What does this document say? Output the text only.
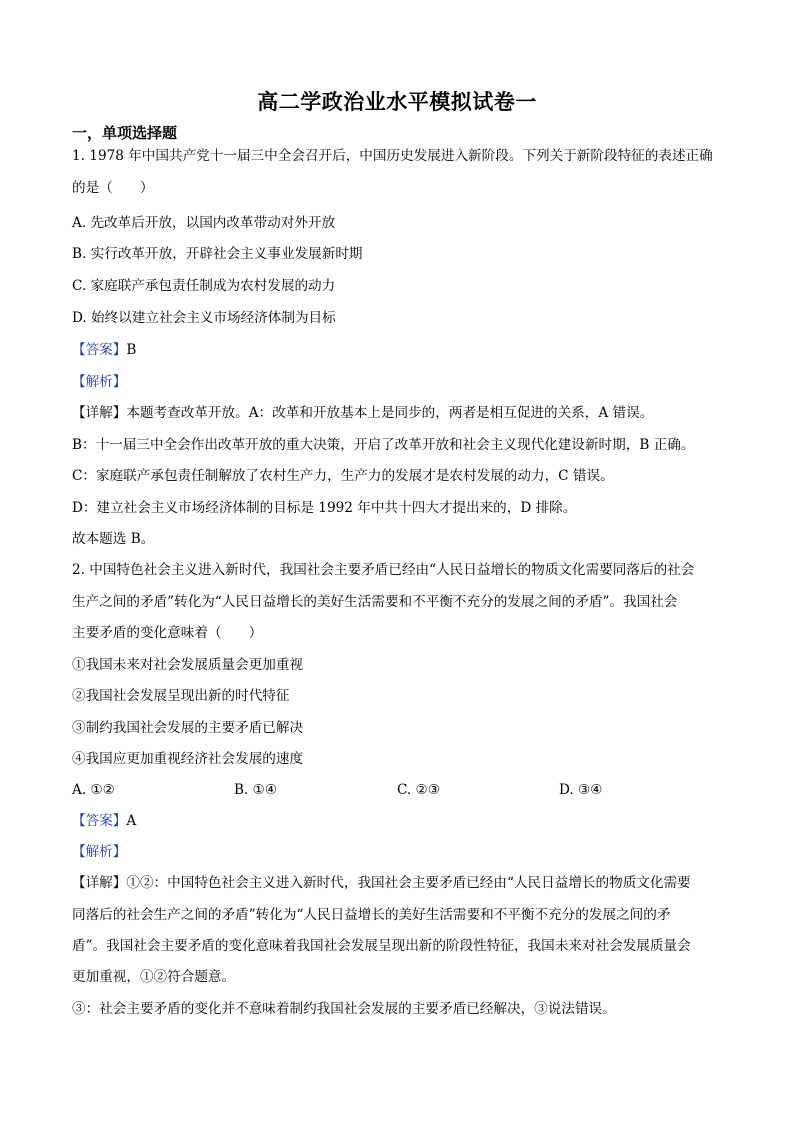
高二学政治业水平模拟试卷一
一，单项选择题
1. 1978 年中国共产党十一届三中全会召开后，中国历史发展进入新阶段。下列关于新阶段特征的表述正确
的是（　　）
A. 先改革后开放，以国内改革带动对外开放
B. 实行改革开放，开辟社会主义事业发展新时期
C. 家庭联产承包责任制成为农村发展的动力
D. 始终以建立社会主义市场经济体制为目标
【答案】B
【解析】
【详解】本题考查改革开放。A：改革和开放基本上是同步的，两者是相互促进的关系，A 错误。
B：十一届三中全会作出改革开放的重大决策，开启了改革开放和社会主义现代化建设新时期，B 正确。
C：家庭联产承包责任制解放了农村生产力，生产力的发展才是农村发展的动力，C 错误。
D：建立社会主义市场经济体制的目标是 1992 年中共十四大才提出来的，D 排除。
故本题选 B。
2. 中国特色社会主义进入新时代，我国社会主要矛盾已经由“人民日益增长的物质文化需要同落后的社会
生产之间的矛盾”转化为“人民日益增长的美好生活需要和不平衡不充分的发展之间的矛盾”。我国社会
主要矛盾的变化意味着（　　）
①我国未来对社会发展质量会更加重视
②我国社会发展呈现出新的时代特征
③制约我国社会发展的主要矛盾已解决
④我国应更加重视经济社会发展的速度
A. ①②	B. ①④	C. ②③	D. ③④
【答案】A
【解析】
【详解】①②：中国特色社会主义进入新时代，我国社会主要矛盾已经由“人民日益增长的物质文化需要
同落后的社会生产之间的矛盾”转化为“人民日益增长的美好生活需要和不平衡不充分的发展之间的矛
盾”。我国社会主要矛盾的变化意味着我国社会发展呈现出新的阶段性特征，我国未来对社会发展质量会
更加重视，①②符合题意。
③：社会主要矛盾的变化并不意味着制约我国社会发展的主要矛盾已经解决，③说法错误。
